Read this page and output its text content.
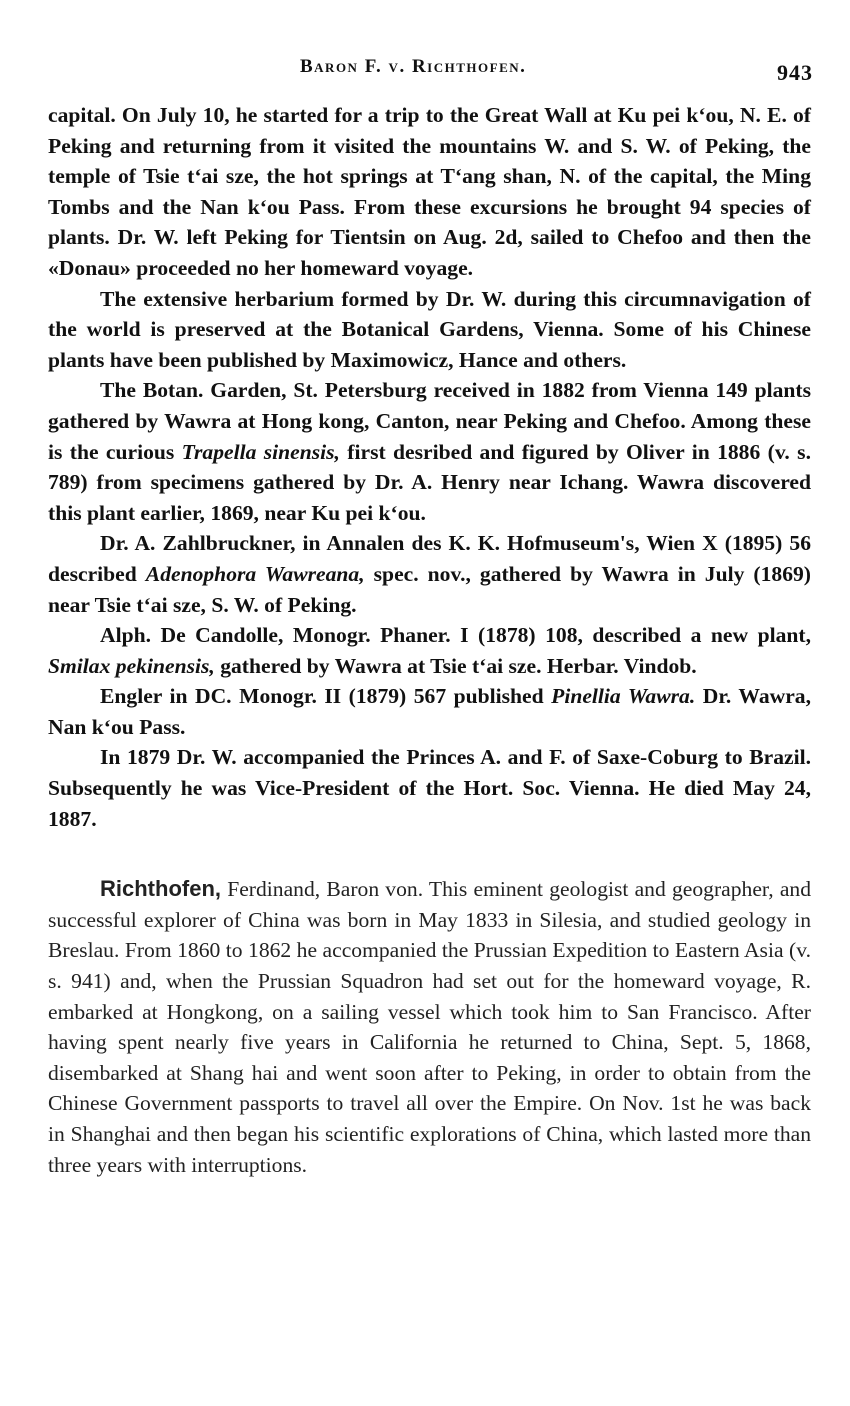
Baron F. v. Richthofen.	943

capital. On July 10, he started for a trip to the Great Wall at Ku pei kʻou, N. E. of Peking and returning from it visited the mountains W. and S. W. of Peking, the temple of Tsie tʻai sze, the hot springs at Tʻang shan, N. of the capital, the Ming Tombs and the Nan kʻou Pass. From these excursions he brought 94 species of plants. Dr. W. left Peking for Tientsin on Aug. 2d, sailed to Chefoo and then the «Donau» proceeded no her homeward voyage.

The extensive herbarium formed by Dr. W. during this circumnavigation of the world is preserved at the Botanical Gardens, Vienna. Some of his Chinese plants have been published by Maximowicz, Hance and others.

The Botan. Garden, St. Petersburg received in 1882 from Vienna 149 plants gathered by Wawra at Hong kong, Canton, near Peking and Chefoo. Among these is the curious Trapella sinensis, first desribed and figured by Oliver in 1886 (v. s. 789) from specimens gathered by Dr. A. Henry near Ichang. Wawra discovered this plant earlier, 1869, near Ku pei kʻou.

Dr. A. Zahlbruckner, in Annalen des K. K. Hofmuseum's, Wien X (1895) 56 described Adenophora Wawreana, spec. nov., gathered by Wawra in July (1869) near Tsie tʻai sze, S. W. of Peking.

Alph. De Candolle, Monogr. Phaner. I (1878) 108, described a new plant, Smilax pekinensis, gathered by Wawra at Tsie tʻai sze. Herbar. Vindob.

Engler in DC. Monogr. II (1879) 567 published Pinellia Wawra. Dr. Wawra, Nan kʻou Pass.

In 1879 Dr. W. accompanied the Princes A. and F. of Saxe-Coburg to Brazil. Subsequently he was Vice-President of the Hort. Soc. Vienna. He died May 24, 1887.

Richthofen, Ferdinand, Baron von. This eminent geologist and geographer, and successful explorer of China was born in May 1833 in Silesia, and studied geology in Breslau. From 1860 to 1862 he accompanied the Prussian Expedition to Eastern Asia (v. s. 941) and, when the Prussian Squadron had set out for the homeward voyage, R. embarked at Hongkong, on a sailing vessel which took him to San Francisco. After having spent nearly five years in California he returned to China, Sept. 5, 1868, disembarked at Shang hai and went soon after to Peking, in order to obtain from the Chinese Government passports to travel all over the Empire. On Nov. 1st he was back in Shanghai and then began his scientific explorations of China, which lasted more than three years with interruptions.
